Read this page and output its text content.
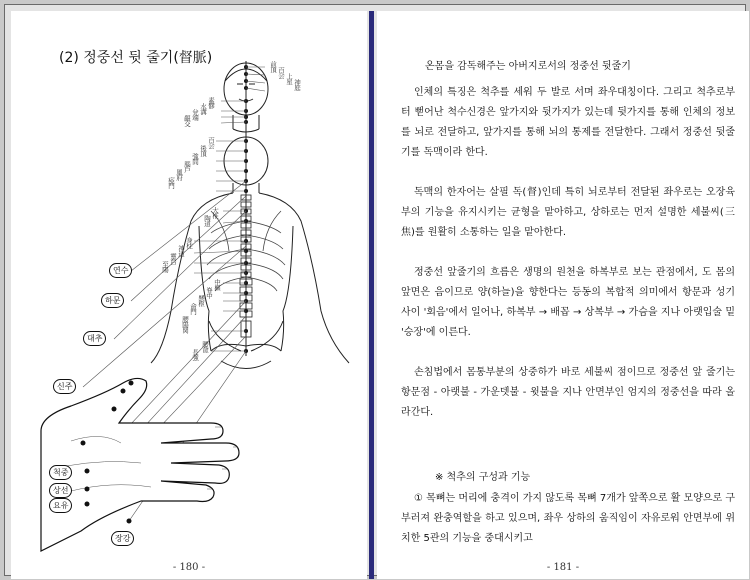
(2) 정중선 뒷 줄기(督脈)
前頂
百会
上星
神庭
素髎
水溝
兌端
齦交
百会
後頂
強間
腦戶
風府
瘂門
大椎
陶道
身柱
神道
靈台
至陽
中樞
脊中
懸枢
命門
腰陽関
腰兪
長強
연수
하문
대추
신주
척중
상선
요유
장강
- 180 -
온몸을 감독해주는 아버지로서의 정중선 뒷줄기
인체의 특징은 척추를 세워 두 발로 서며 좌우대칭이다. 그리고 척추로부터 뻗어난 척수신경은 앞가지와 뒷가지가 있는데 뒷가지를 통해 인체의 정보를 뇌로 전달하고, 앞가지를 통해 뇌의 통제를 전달한다. 그래서 정중선 뒷줄기를 독맥이라 한다.
독맥의 한자어는 살필 독(督)인데 특히 뇌로부터 전달된 좌우로는 오장육부의 기능을 유지시키는 균형을 맡아하고, 상하로는 먼저 설명한 세불씨(三焦)를 원활히 소통하는 일을 맡아한다.
정중선 앞줄기의 흐름은 생명의 원천을 하복부로 보는 관점에서, 도 몸의 앞면은 음이므로 양(하늘)을 향한다는 등동의 복합적 의미에서 항문과 성기 사이 '회음'에서 일어나, 하복부 → 배꼽 → 상복부 → 가슴을 지나 아랫입술 밑 '승장'에 이른다.
손침법에서 몸통부분의 상중하가 바로 세불씨 점이므로 정중선 앞 줄기는 항문점 - 아랫불 - 가운뎃불 - 윗불을 지나 안면부인 엄지의 정중선을 따라 올라간다.
※ 척추의 구성과 기능
① 목뼈는 머리에 충격이 가지 않도록 목뼈 7개가 앞쪽으로 활 모양으로 구부러져 완충역할을 하고 있으며, 좌우 상하의 움직임이 자유로워 안면부에 위치한 5관의 기능을 중대시키고
- 181 -
